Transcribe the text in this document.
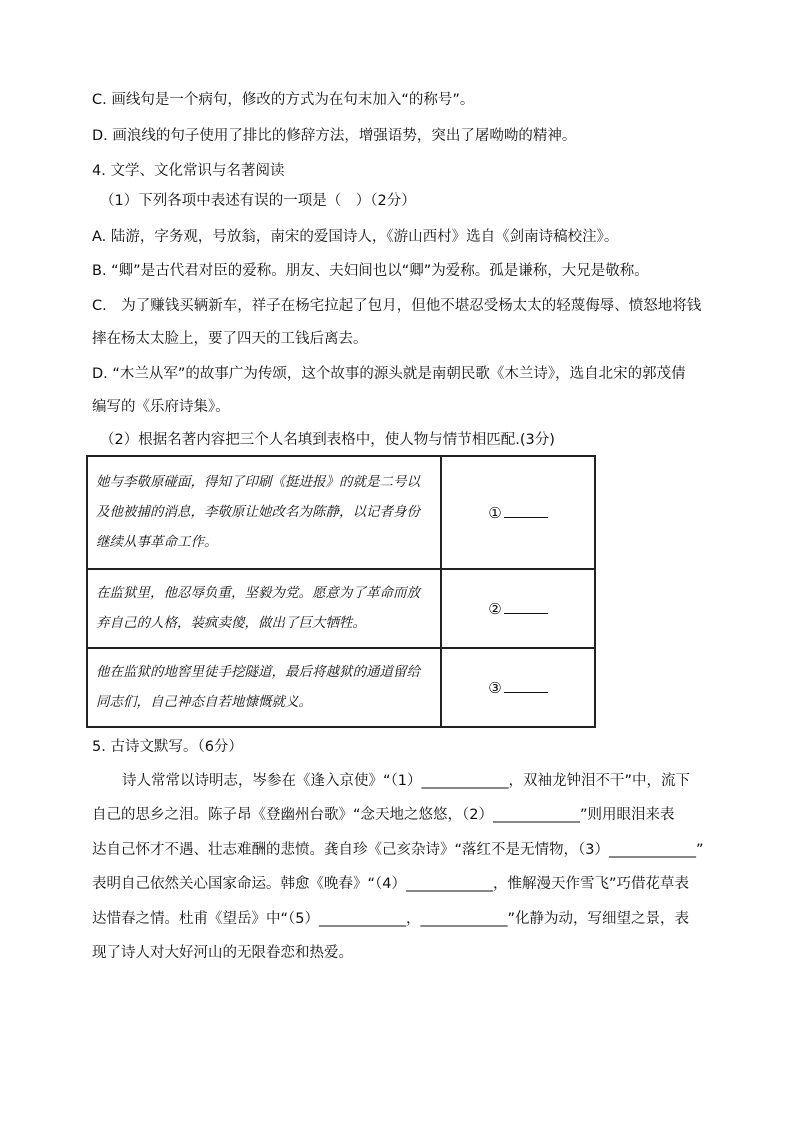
C. 画线句是一个病句，修改的方式为在句末加入“的称号”。
D. 画浪线的句子使用了排比的修辞方法，增强语势，突出了屠呦呦的精神。
4. 文学、文化常识与名著阅读
（1）下列各项中表述有误的一项是（　）（2分）
A. 陆游，字务观，号放翁，南宋的爱国诗人，《游山西村》选自《剑南诗稿校注》。
B. “卿”是古代君对臣的爱称。朋友、夫妇间也以“卿”为爱称。孤是谦称，大兄是敬称。
C.　为了赚钱买辆新车，祥子在杨宅拉起了包月，但他不堪忍受杨太太的轻蔑侮辱、愤怒地将钱
摔在杨太太脸上，要了四天的工钱后离去。
D. “木兰从军”的故事广为传颂，这个故事的源头就是南朝民歌《木兰诗》，选自北宋的郭茂倩
编写的《乐府诗集》。
（2）根据名著内容把三个人名填到表格中，使人物与情节相匹配.(3分)
她与李敬原碰面，得知了印刷《挺进报》的就是二号以及他被捕的消息，李敬原让她改名为陈静，以记者身份继续从事革命工作。	①
在监狱里，他忍辱负重，坚毅为党。愿意为了革命而放弃自己的人格，装疯卖傻，做出了巨大牺牲。	②
他在监狱的地窖里徒手挖隧道，最后将越狱的通道留给同志们，自己神态自若地慷慨就义。	③
5. 古诗文默写。（6分）
诗人常常以诗明志，岑参在《逢入京使》“（1）____________，双袖龙钟泪不干”中，流下
自己的思乡之泪。陈子昂《登幽州台歌》“念天地之悠悠，（2）____________”则用眼泪来表
达自己怀才不遇、壮志难酬的悲愤。龚自珍《己亥杂诗》“落红不是无情物，（3）____________”
表明自己依然关心国家命运。韩愈《晚春》“（4）____________，惟解漫天作雪飞”巧借花草表
达惜春之情。杜甫《望岳》中“（5）____________，____________”化静为动，写细望之景，表
现了诗人对大好河山的无限眷恋和热爱。
